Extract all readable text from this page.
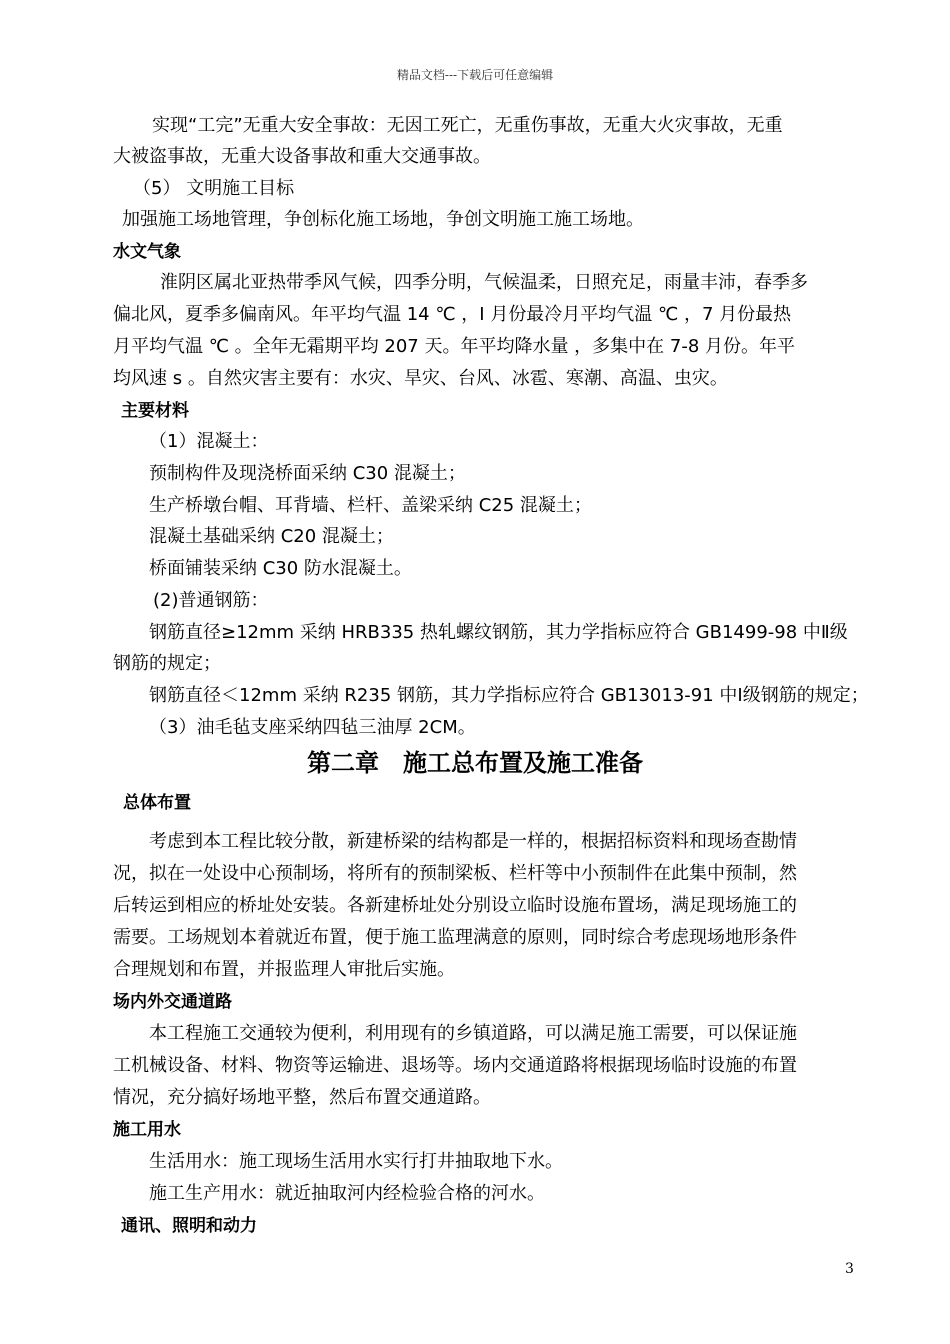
精品文档---下载后可任意编辑
实现“工完”无重大安全事故：无因工死亡，无重伤事故，无重大火灾事故，无重
大被盗事故，无重大设备事故和重大交通事故。
（5） 文明施工目标
加强施工场地管理，争创标化施工场地，争创文明施工施工场地。
水文气象
淮阴区属北亚热带季风气候，四季分明，气候温柔，日照充足，雨量丰沛，春季多
偏北风，夏季多偏南风。年平均气温 14 ℃ ，Ⅰ 月份最冷月平均气温 ℃ ，7 月份最热
月平均气温 ℃ 。全年无霜期平均 207 天。年平均降水量 ，多集中在 7-8 月份。年平
均风速 s 。自然灾害主要有：水灾、旱灾、台风、冰雹、寒潮、高温、虫灾。
主要材料
（1）混凝土：
预制构件及现浇桥面采纳 C30 混凝土；
生产桥墩台帽、耳背墙、栏杆、盖梁采纳 C25 混凝土；
混凝土基础采纳 C20 混凝土；
桥面铺装采纳 C30 防水混凝土。
(2)普通钢筋：
钢筋直径≥12mm 采纳 HRB335 热轧螺纹钢筋，其力学指标应符合 GB1499-98 中Ⅱ级
钢筋的规定；
钢筋直径＜12mm 采纳 R235 钢筋，其力学指标应符合 GB13013-91 中Ⅰ级钢筋的规定；
（3）油毛毡支座采纳四毡三油厚 2CM。
总体布置
考虑到本工程比较分散，新建桥梁的结构都是一样的，根据招标资料和现场查勘情
况，拟在一处设中心预制场，将所有的预制梁板、栏杆等中小预制件在此集中预制，然
后转运到相应的桥址处安装。各新建桥址处分别设立临时设施布置场，满足现场施工的
需要。工场规划本着就近布置，便于施工监理满意的原则，同时综合考虑现场地形条件
合理规划和布置，并报监理人审批后实施。
场内外交通道路
本工程施工交通较为便利，利用现有的乡镇道路，可以满足施工需要，可以保证施
工机械设备、材料、物资等运输进、退场等。场内交通道路将根据现场临时设施的布置
情况，充分搞好场地平整，然后布置交通道路。
施工用水
生活用水：施工现场生活用水实行打井抽取地下水。
施工生产用水：就近抽取河内经检验合格的河水。
通讯、照明和动力
第二章　施工总布置及施工准备
3
